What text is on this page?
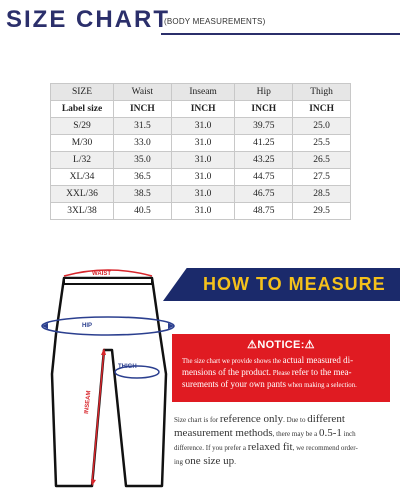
SIZE CHART
(BODY MEASUREMENTS)
SIZE	Waist	Inseam	Hip	Thigh
Label size	INCH	INCH	INCH	INCH
S/29	31.5	31.0	39.75	25.0
M/30	33.0	31.0	41.25	25.5
L/32	35.0	31.0	43.25	26.5
XL/34	36.5	31.0	44.75	27.5
XXL/36	38.5	31.0	46.75	28.5
3XL/38	40.5	31.0	48.75	29.5
WAIST
HIP
THIGH
INSEAM
HOW TO MEASURE
⚠NOTICE:⚠
The size chart we provide shows the actual measured di-
mensions of the product. Please refer to the mea-
surements of your own pants when making a selection.
Size chart is for reference only. Due to different
measurement methods, there may be a 0.5-1 inch
difference. If you prefer a relaxed fit, we recommend order-
ing one size up.
